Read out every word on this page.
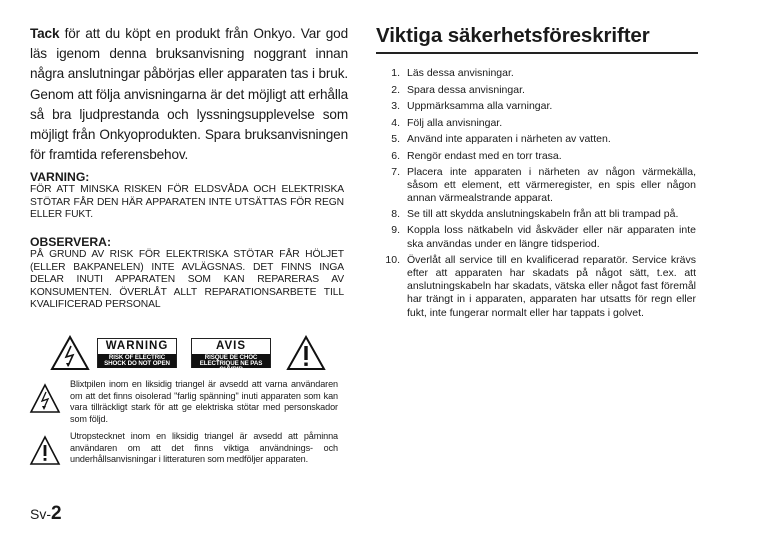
Tack för att du köpt en produkt från Onkyo. Var god läs igenom denna bruksanvisning noggrant innan några anslutningar påbörjas eller apparaten tas i bruk. Genom att följa anvisningarna är det möjligt att erhålla så bra ljudprestanda och lyssningsupplevelse som möjligt från Onkyoprodukten. Spara bruksanvisningen för framtida referensbehov.
VARNING:
FÖR ATT MINSKA RISKEN FÖR ELDSVÅDA OCH ELEKTRISKA STÖTAR FÅR DEN HÄR APPARATEN INTE UTSÄTTAS FÖR REGN ELLER FUKT.
OBSERVERA:
PÅ GRUND AV RISK FÖR ELEKTRISKA STÖTAR FÅR HÖLJET (ELLER BAKPANELEN) INTE AVLÄGSNAS. DET FINNS INGA DELAR INUTI APPARATEN SOM KAN REPARERAS AV KONSUMENTEN. ÖVERLÅT ALLT REPARATIONSARBETE TILL KVALIFICERAD PERSONAL
WARNING
RISK OF ELECTRIC SHOCK DO NOT OPEN
AVIS
RISQUE DE CHOC ELECTRIQUE NE PAS OUVRIR
Blixtpilen inom en liksidig triangel är avsedd att varna användaren om att det finns oisolerad "farlig spänning" inuti apparaten som kan vara tillräckligt stark för att ge elektriska stötar med personskador som följd.
Utropstecknet inom en liksidig triangel är avsedd att påminna användaren om att det finns viktiga användnings- och underhållsanvisningar i litteraturen som medföljer apparaten.
Sv-2
Viktiga säkerhetsföreskrifter
1. Läs dessa anvisningar.
2. Spara dessa anvisningar.
3. Uppmärksamma alla varningar.
4. Följ alla anvisningar.
5. Använd inte apparaten i närheten av vatten.
6. Rengör endast med en torr trasa.
7. Placera inte apparaten i närheten av någon värmekälla, såsom ett element, ett värmeregister, en spis eller någon annan värmealstrande apparat.
8. Se till att skydda anslutningskabeln från att bli trampad på.
9. Koppla loss nätkabeln vid åskväder eller när apparaten inte ska användas under en längre tidsperiod.
10. Överlåt all service till en kvalificerad reparatör. Service krävs efter att apparaten har skadats på något sätt, t.ex. att anslutningskabeln har skadats, vätska eller något fast föremål har trängt in i apparaten, apparaten har utsatts för regn eller fukt, inte fungerar normalt eller har tappats i golvet.
